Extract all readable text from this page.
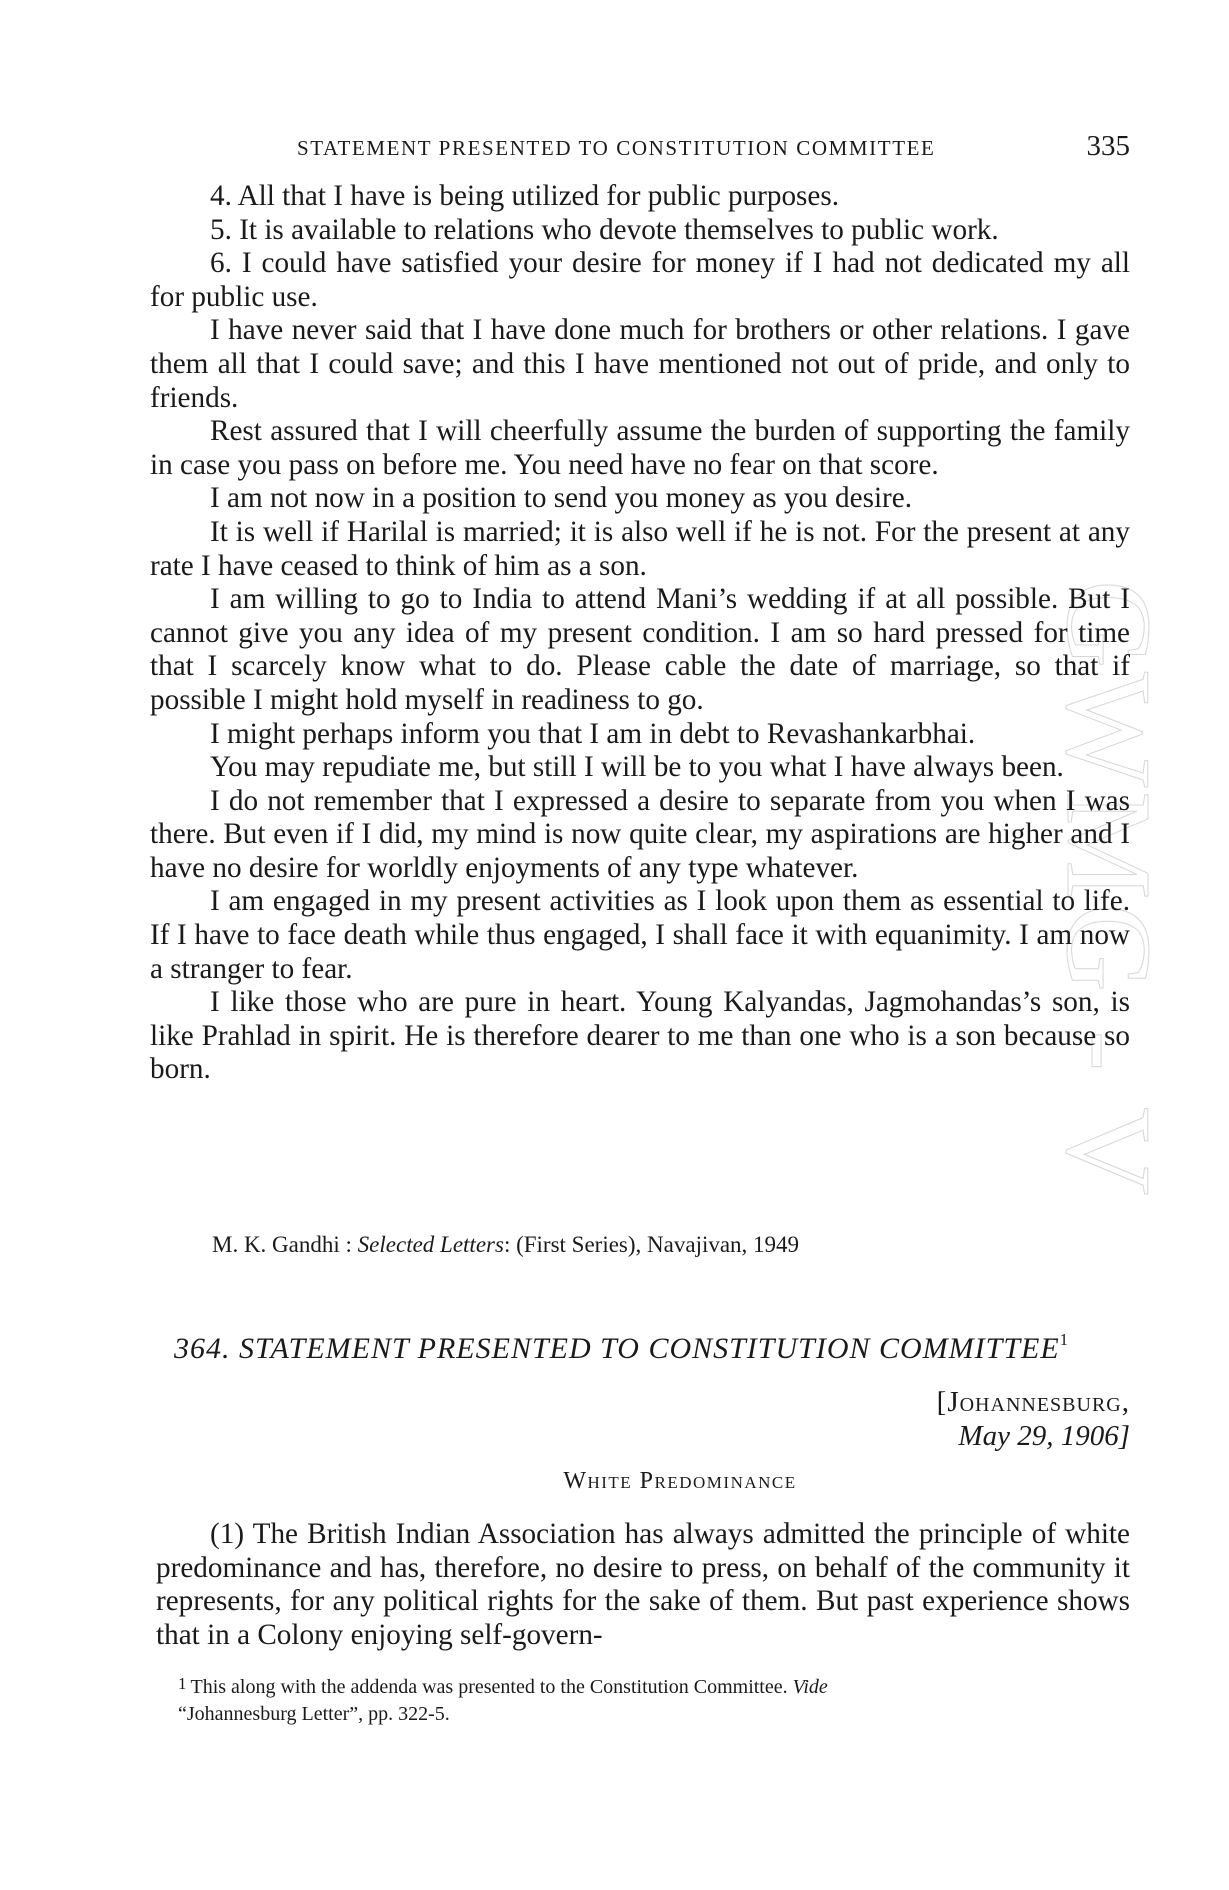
GWMG - V
STATEMENT PRESENTED TO CONSTITUTION COMMITTEE	335

4. All that I have is being utilized for public purposes.

5. It is available to relations who devote themselves to public work.

6. I could have satisfied your desire for money if I had not dedicated my all for public use.

I have never said that I have done much for brothers or other relations. I gave them all that I could save; and this I have mentioned not out of pride, and only to friends.

Rest assured that I will cheerfully assume the burden of supporting the family in case you pass on before me. You need have no fear on that score.

I am not now in a position to send you money as you desire.

It is well if Harilal is married; it is also well if he is not. For the present at any rate I have ceased to think of him as a son.

I am willing to go to India to attend Mani’s wedding if at all possible. But I cannot give you any idea of my present condition. I am so hard pressed for time that I scarcely know what to do. Please cable the date of marriage, so that if possible I might hold myself in readiness to go.

I might perhaps inform you that I am in debt to Revashankarbhai.

You may repudiate me, but still I will be to you what I have always been.

I do not remember that I expressed a desire to separate from you when I was there. But even if I did, my mind is now quite clear, my aspirations are higher and I have no desire for worldly enjoyments of any type whatever.

I am engaged in my present activities as I look upon them as essential to life. If I have to face death while thus engaged, I shall face it with equanimity. I am now a stranger to fear.

I like those who are pure in heart. Young Kalyandas, Jagmohandas’s son, is like Prahlad in spirit. He is therefore dearer to me than one who is a son because so born.

M. K. Gandhi : Selected Letters: (First Series), Navajivan, 1949
364. STATEMENT PRESENTED TO CONSTITUTION COMMITTEE$^1$
[Johannesburg,
May 29, 1906]
White Predominance

(1) The British Indian Association has always admitted the principle of white predominance and has, therefore, no desire to press, on behalf of the community it represents, for any political rights for the sake of them. But past experience shows that in a Colony enjoying self-govern-

$^1$ This along with the addenda was presented to the Constitution Committee. Vide
“Johannesburg Letter”, pp. 322-5.
